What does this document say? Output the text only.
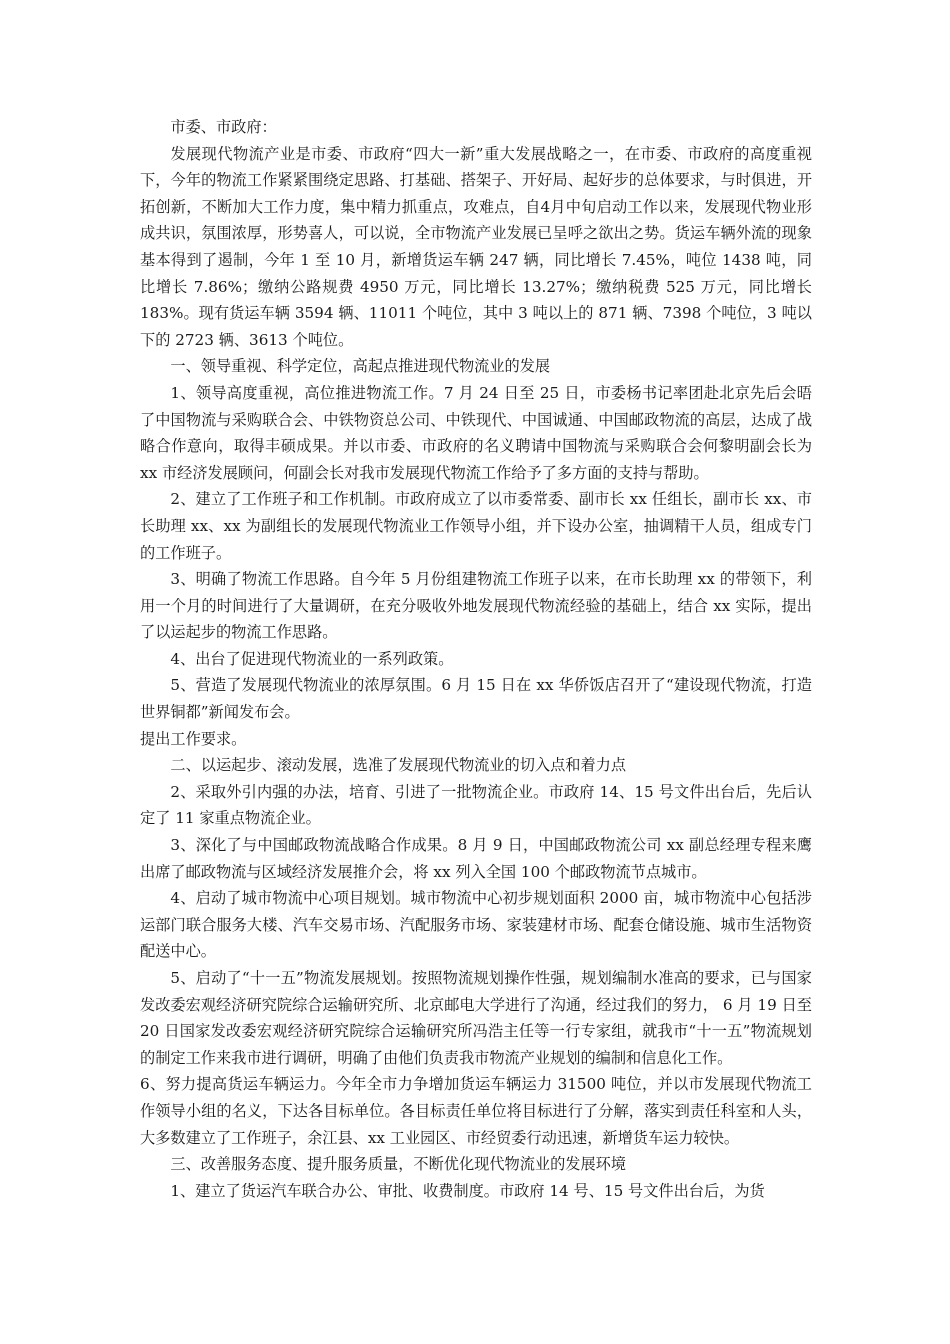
市委、市政府：

发展现代物流产业是市委、市政府“四大一新”重大发展战略之一，在市委、市政府的高度重视下，今年的物流工作紧紧围绕定思路、打基础、搭架子、开好局、起好步的总体要求，与时俱进，开拓创新，不断加大工作力度，集中精力抓重点，攻难点，自4月中旬启动工作以来，发展现代物业形成共识，氛围浓厚，形势喜人，可以说，全市物流产业发展已呈呼之欲出之势。货运车辆外流的现象基本得到了遏制，今年 1 至 10 月，新增货运车辆 247 辆，同比增长 7.45%，吨位 1438 吨，同比增长 7.86%；缴纳公路规费 4950 万元，同比增长 13.27%；缴纳税费 525 万元，同比增长 183%。现有货运车辆 3594 辆、11011 个吨位，其中 3 吨以上的 871 辆、7398 个吨位，3 吨以下的 2723 辆、3613 个吨位。

一、领导重视、科学定位，高起点推进现代物流业的发展

1、领导高度重视，高位推进物流工作。7 月 24 日至 25 日，市委杨书记率团赴北京先后会晤了中国物流与采购联合会、中铁物资总公司、中铁现代、中国诚通、中国邮政物流的高层，达成了战略合作意向，取得丰硕成果。并以市委、市政府的名义聘请中国物流与采购联合会何黎明副会长为 xx 市经济发展顾问，何副会长对我市发展现代物流工作给予了多方面的支持与帮助。

2、建立了工作班子和工作机制。市政府成立了以市委常委、副市长 xx 任组长，副市长 xx、市长助理 xx、xx 为副组长的发展现代物流业工作领导小组，并下设办公室，抽调精干人员，组成专门的工作班子。

3、明确了物流工作思路。自今年 5 月份组建物流工作班子以来，在市长助理 xx 的带领下，利用一个月的时间进行了大量调研，在充分吸收外地发展现代物流经验的基础上，结合 xx 实际，提出了以运起步的物流工作思路。

4、出台了促进现代物流业的一系列政策。

5、营造了发展现代物流业的浓厚氛围。6 月 15 日在 xx 华侨饭店召开了“建设现代物流，打造世界铜都”新闻发布会。

提出工作要求。

二、以运起步、滚动发展，选准了发展现代物流业的切入点和着力点

2、采取外引内强的办法，培育、引进了一批物流企业。市政府 14、15 号文件出台后，先后认定了 11 家重点物流企业。

3、深化了与中国邮政物流战略合作成果。8 月 9 日，中国邮政物流公司 xx 副总经理专程来鹰出席了邮政物流与区域经济发展推介会，将 xx 列入全国 100 个邮政物流节点城市。

4、启动了城市物流中心项目规划。城市物流中心初步规划面积 2000 亩，城市物流中心包括涉运部门联合服务大楼、汽车交易市场、汽配服务市场、家装建材市场、配套仓储设施、城市生活物资配送中心。

5、启动了“十一五”物流发展规划。按照物流规划操作性强，规划编制水准高的要求，已与国家发改委宏观经济研究院综合运输研究所、北京邮电大学进行了沟通，经过我们的努力， 6 月 19 日至 20 日国家发改委宏观经济研究院综合运输研究所冯浩主任等一行专家组，就我市“十一五”物流规划的制定工作来我市进行调研，明确了由他们负责我市物流产业规划的编制和信息化工作。

6、努力提高货运车辆运力。今年全市力争增加货运车辆运力 31500 吨位，并以市发展现代物流工作领导小组的名义，下达各目标单位。各目标责任单位将目标进行了分解，落实到责任科室和人头，大多数建立了工作班子，余江县、xx 工业园区、市经贸委行动迅速，新增货车运力较快。

三、改善服务态度、提升服务质量，不断优化现代物流业的发展环境

1、建立了货运汽车联合办公、审批、收费制度。市政府 14 号、15 号文件出台后，为货
